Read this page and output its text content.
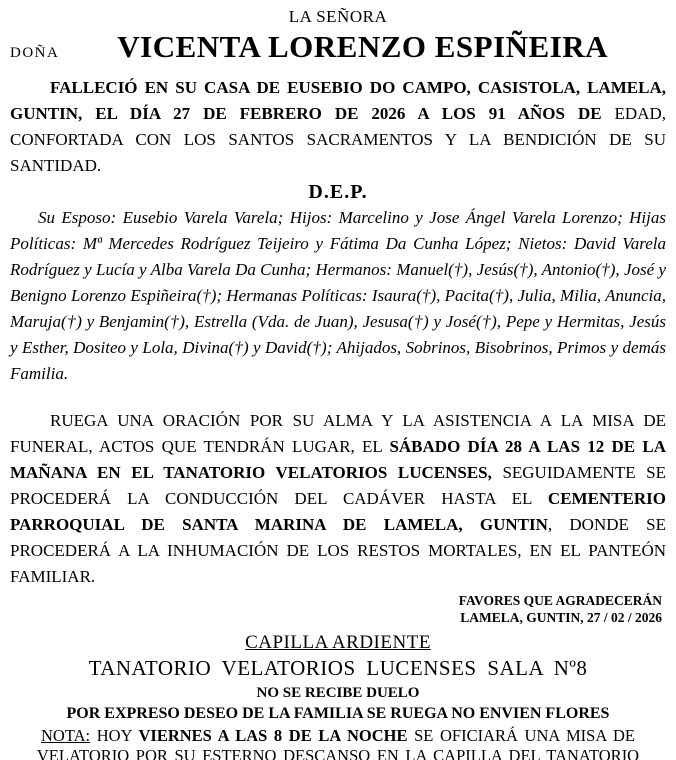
LA SEÑORA
DOÑA	VICENTA LORENZO ESPIÑEIRA

FALLECIÓ EN SU CASA DE EUSEBIO DO CAMPO, CASISTOLA, LAMELA, GUNTIN, EL DÍA 27 DE FEBRERO DE 2026 A LOS 91 AÑOS DE EDAD, CONFORTADA CON LOS SANTOS SACRAMENTOS Y LA BENDICIÓN DE SU SANTIDAD.

D.E.P.

Su Esposo: Eusebio Varela Varela; Hijos: Marcelino y Jose Ángel Varela Lorenzo; Hijas Políticas: Mª Mercedes Rodríguez Teijeiro y Fátima Da Cunha López; Nietos: David Varela Rodríguez y Lucía y Alba Varela Da Cunha; Hermanos: Manuel(†), Jesús(†), Antonio(†), José y Benigno Lorenzo Espiñeira(†); Hermanas Políticas: Isaura(†), Pacita(†), Julia, Milia, Anuncia, Maruja(†) y Benjamin(†), Estrella (Vda. de Juan), Jesusa(†) y José(†), Pepe y Hermitas, Jesús y Esther, Dositeo y Lola, Divina(†) y David(†); Ahijados, Sobrinos, Bisobrinos, Primos y demás Familia.

RUEGA UNA ORACIÓN POR SU ALMA Y LA ASISTENCIA A LA MISA DE FUNERAL, ACTOS QUE TENDRÁN LUGAR, EL SÁBADO DÍA 28 A LAS 12 DE LA MAÑANA EN EL TANATORIO VELATORIOS LUCENSES, SEGUIDAMENTE SE PROCEDERÁ LA CONDUCCIÓN DEL CADÁVER HASTA EL CEMENTERIO PARROQUIAL DE SANTA MARINA DE LAMELA, GUNTIN, DONDE SE PROCEDERÁ A LA INHUMACIÓN DE LOS RESTOS MORTALES, EN EL PANTEÓN FAMILIAR.

FAVORES QUE AGRADECERÁN
LAMELA, GUNTIN, 27 / 02 / 2026
CAPILLA ARDIENTE
TANATORIO VELATORIOS LUCENSES SALA Nº8
NO SE RECIBE DUELO
POR EXPRESO DESEO DE LA FAMILIA SE RUEGA NO ENVIEN FLORES

NOTA: HOY VIERNES A LAS 8 DE LA NOCHE SE OFICIARÁ UNA MISA DE VELATORIO POR SU ESTERNO DESCANSO EN LA CAPILLA DEL TANATORIO
